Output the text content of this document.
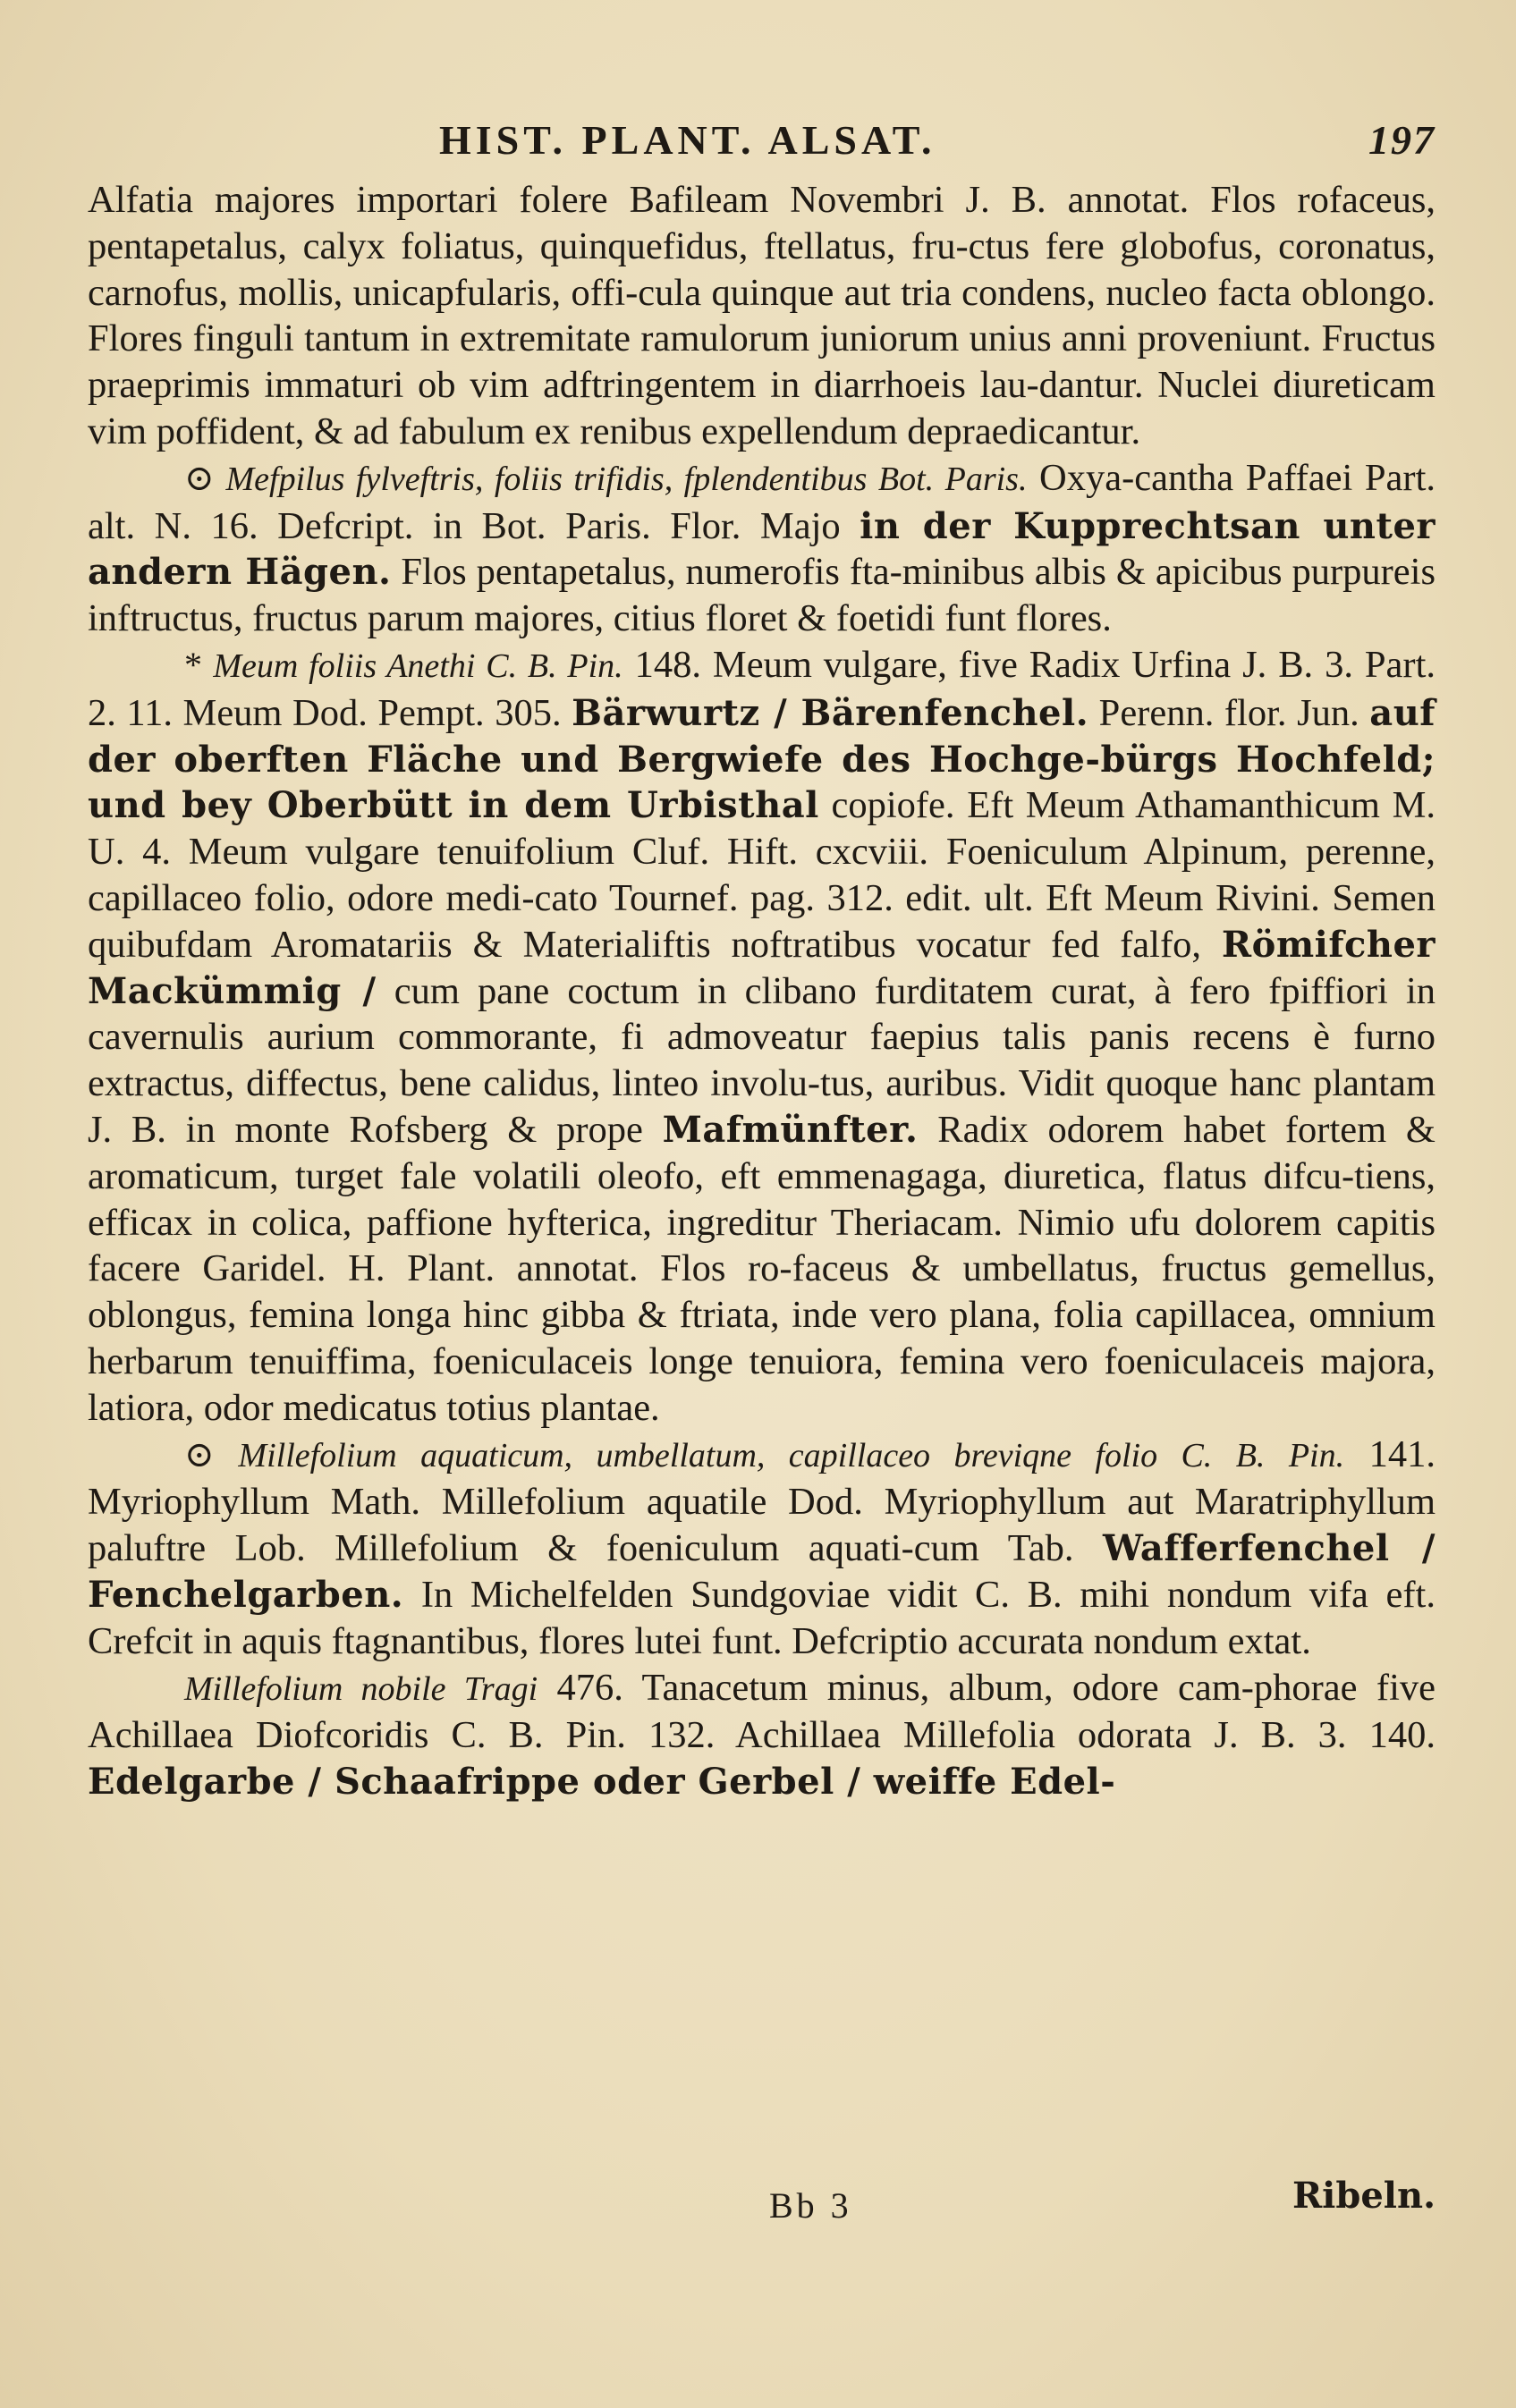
HIST. PLANT. ALSAT.	197

Alfatia majores importari folere Bafileam Novembri J. B. annotat. Flos rofaceus, pentapetalus, calyx foliatus, quinquefidus, ftellatus, fru-ctus fere globofus, coronatus, carnofus, mollis, unicapfularis, offi-cula quinque aut tria condens, nucleo facta oblongo. Flores finguli tantum in extremitate ramulorum juniorum unius anni proveniunt. Fructus praeprimis immaturi ob vim adftringentem in diarrhoeis lau-dantur. Nuclei diureticam vim poffident, & ad fabulum ex renibus expellendum depraedicantur.

⊙ Mefpilus fylveftris, foliis trifidis, fplendentibus Bot. Paris. Oxya-cantha Paffaei Part. alt. N. 16. Defcript. in Bot. Paris. Flor. Majo in der Kupprechtsan unter andern Hägen. Flos pentapetalus, numerofis fta-minibus albis & apicibus purpureis inftructus, fructus parum majores, citius floret & foetidi funt flores.

* Meum foliis Anethi C. B. Pin. 148. Meum vulgare, five Radix Urfina J. B. 3. Part. 2. 11. Meum Dod. Pempt. 305. Bärwurtz / Bärenfenchel. Perenn. flor. Jun. auf der oberften Fläche und Bergwiefe des Hochge-bürgs Hochfeld; und bey Oberbütt in dem Urbisthal copiofe. Eft Meum Athamanthicum M. U. 4. Meum vulgare tenuifolium Cluf. Hift. cxcviii. Foeniculum Alpinum, perenne, capillaceo folio, odore medi-cato Tournef. pag. 312. edit. ult. Eft Meum Rivini. Semen quibufdam Aromatariis & Materialiftis noftratibus vocatur fed falfo, Römifcher Mackümmig / cum pane coctum in clibano furditatem curat, à fero fpiffiori in cavernulis aurium commorante, fi admoveatur faepius talis panis recens è furno extractus, diffectus, bene calidus, linteo involu-tus, auribus. Vidit quoque hanc plantam J. B. in monte Rofsberg & prope Mafmünfter. Radix odorem habet fortem & aromaticum, turget fale volatili oleofo, eft emmenagaga, diuretica, flatus difcu-tiens, efficax in colica, paffione hyfterica, ingreditur Theriacam. Nimio ufu dolorem capitis facere Garidel. H. Plant. annotat. Flos ro-faceus & umbellatus, fructus gemellus, oblongus, femina longa hinc gibba & ftriata, inde vero plana, folia capillacea, omnium herbarum tenuiffima, foeniculaceis longe tenuiora, femina vero foeniculaceis majora, latiora, odor medicatus totius plantae.

⊙ Millefolium aquaticum, umbellatum, capillaceo breviqne folio C. B. Pin. 141. Myriophyllum Math. Millefolium aquatile Dod. Myriophyllum aut Maratriphyllum paluftre Lob. Millefolium & foeniculum aquati-cum Tab. Wafferfenchel / Fenchelgarben. In Michelfelden Sundgoviae vidit C. B. mihi nondum vifa eft. Crefcit in aquis ftagnantibus, flores lutei funt. Defcriptio accurata nondum extat.

Millefolium nobile Tragi 476. Tanacetum minus, album, odore cam-phorae five Achillaea Diofcoridis C. B. Pin. 132. Achillaea Millefolia odorata J. B. 3. 140. Edelgarbe / Schaafrippe oder Gerbel / weiffe Edel-

Bb 3	Ribeln.
